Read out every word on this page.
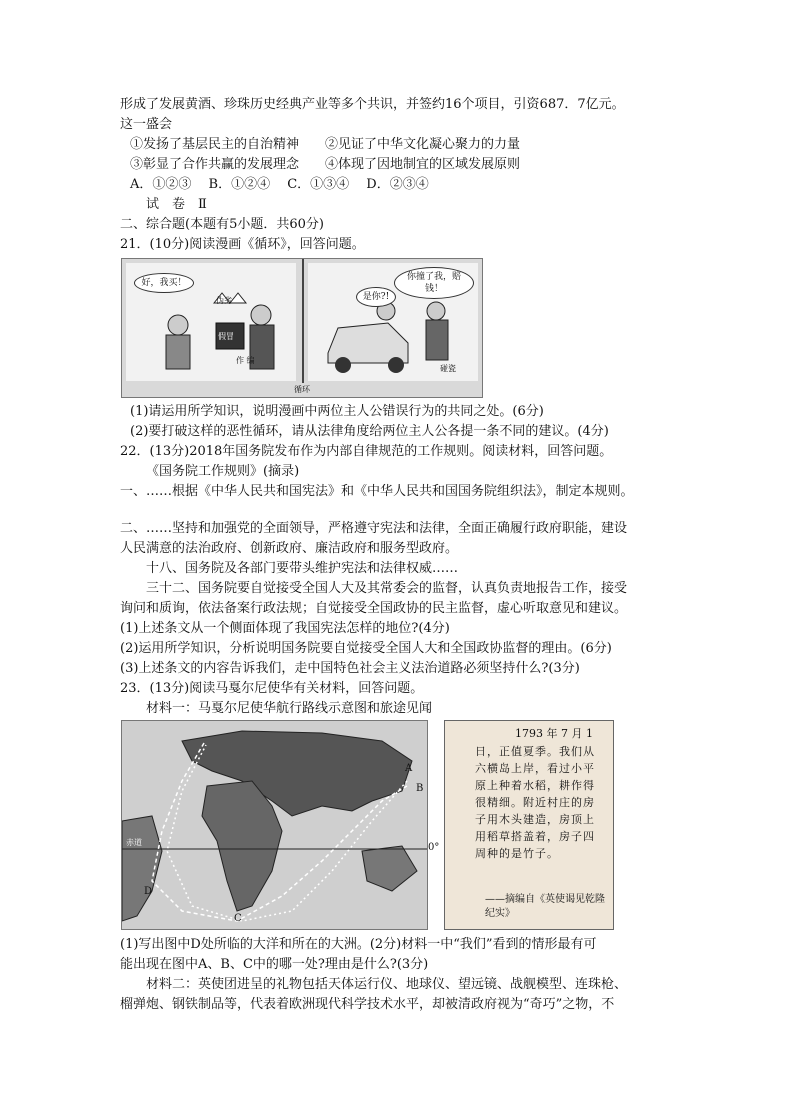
形成了发展黄酒、珍珠历史经典产业等多个共识，并签约16个项目，引资687．7亿元。
这一盛会
①发扬了基层民主的自治精神　　②见证了中华文化凝心聚力的力量
③彰显了合作共赢的发展理念　　④体现了因地制宜的区域发展原则
A．①②③　 B．①②④　 C．①③④　 D．②③④
试　卷　Ⅱ
二、综合题(本题有5小题．共60分)
21．(10分)阅读漫画《循环》，回答问题。
好，我买！
伪劣
假冒
作 编
是你?!
你撞了我，赔钱！
碰瓷
循环
(1)请运用所学知识，说明漫画中两位主人公错误行为的共同之处。(6分)
(2)要打破这样的恶性循环，请从法律角度给两位主人公各提一条不同的建议。(4分)
22．(13分)2018年国务院发布作为内部自律规范的工作规则。阅读材料，回答问题。
《国务院工作规则》(摘录)
一、……根据《中华人民共和国宪法》和《中华人民共和国国务院组织法》，制定本规则。
二、……坚持和加强党的全面领导，严格遵守宪法和法律，全面正确履行政府职能，建设
人民满意的法治政府、创新政府、廉洁政府和服务型政府。
十八、国务院及各部门要带头维护宪法和法律权威……
三十二、国务院要自觉接受全国人大及其常委会的监督，认真负责地报告工作，接受
询问和质询，依法备案行政法规；自觉接受全国政协的民主监督，虚心听取意见和建议。
(1)上述条文从一个侧面体现了我国宪法怎样的地位?(4分)
(2)运用所学知识，分析说明国务院要自觉接受全国人大和全国政协监督的理由。(6分)
(3)上述条文的内容告诉我们，走中国特色社会主义法治道路必须坚持什么?(3分)
23．(13分)阅读马戛尔尼使华有关材料，回答问题。
材料一：马戛尔尼使华航行路线示意图和旅途见闻
赤道
A
B
C
D
0°
1793 年 7 月 1
日，正值夏季。我们从六横岛上岸，看过小平原上种着水稻，耕作得很精细。附近村庄的房子用木头建造，房顶上用稻草搭盖着，房子四周种的是竹子。
——摘编自《英使谒见乾隆纪实》
(1)写出图中D处所临的大洋和所在的大洲。(2分)材料一中“我们”看到的情形最有可
能出现在图中A、B、C中的哪一处?理由是什么?(3分)
材料二：英使团进呈的礼物包括天体运行仪、地球仪、望远镜、战舰模型、连珠枪、
榴弹炮、钢铁制品等，代表着欧洲现代科学技术水平，却被清政府视为“奇巧”之物，不
